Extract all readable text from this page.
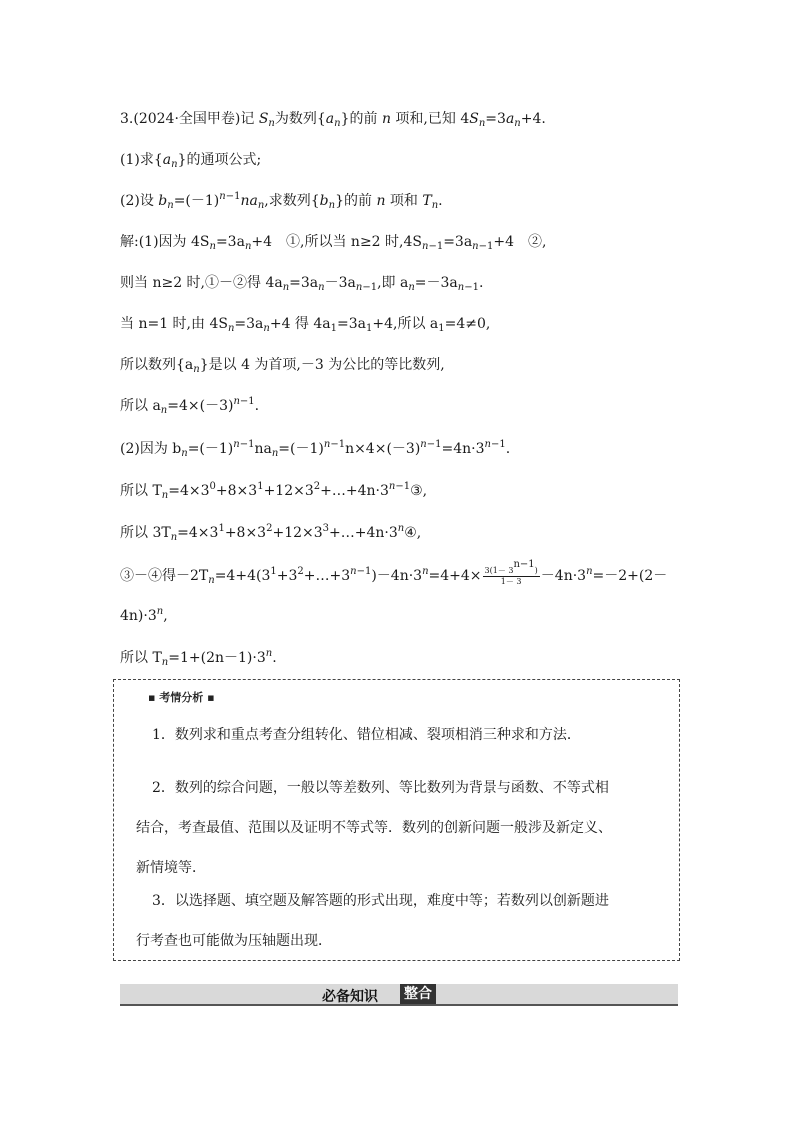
3.(2024·全国甲卷)记 $S_n$为数列$\{a_n\}$的前 n 项和,已知 $4S_n=3a_n+4$.
(1)求$\{a_n\}$的通项公式;
(2)设 $b_n=(-1)^{n-1}na_n$,求数列$\{b_n\}$的前 n 项和 $T_n$.
解:(1)因为 $4S_n=3a_n+4$　①,所以当 n≥2 时$,4S_{n-1}=3a_{n-1}+4$　②,
则当 n≥2 时,①－②得 $4a_n=3a_n-3a_{n-1}$,即 $a_n=-3a_{n-1}$.
当 n=1 时,由 $4S_n=3a_n+4$ 得 $4a_1=3a_1+4$,所以 $a_1=4\ne 0$,
所以数列$\{a_n\}$是以 4 为首项,－3 为公比的等比数列,
所以 $a_n=4\times(-3)^{n-1}$.
(2)因为 $b_n=(-1)^{n-1}na_n=(-1)^{n-1}n\times 4\times(-3)^{n-1}=4n\cdot 3^{n-1}$.
所以 $T_n=4\times 3^0+8\times 3^1+12\times 3^2+\dots+4n\cdot 3^{n-1}③$,
所以 $3T_n=4\times 3^1+8\times 3^2+12\times 3^3+\dots+4n\cdot 3^n④$,
③－④得$-2T_n=4+4(3^1+3^2+\dots+3^{n-1})-4n\cdot 3^n=4+4\times \frac{3(1- 3^{n-1})}{1- 3} -4n\cdot 3^n=-2+(2-$
$4n)\cdot 3^n$,
所以 $T_n=1+(2n-1)\cdot 3^n$.
▪ 考情分析 ▪
1．数列求和重点考查分组转化、错位相减、裂项相消三种求和方法．
2．数列的综合问题，一般以等差数列、等比数列为背景与函数、不等式相
结合，考查最值、范围以及证明不等式等．数列的创新问题一般涉及新定义、
新情境等．
3．以选择题、填空题及解答题的形式出现，难度中等；若数列以创新题进
行考查也可能做为压轴题出现．
必备知识 整合
